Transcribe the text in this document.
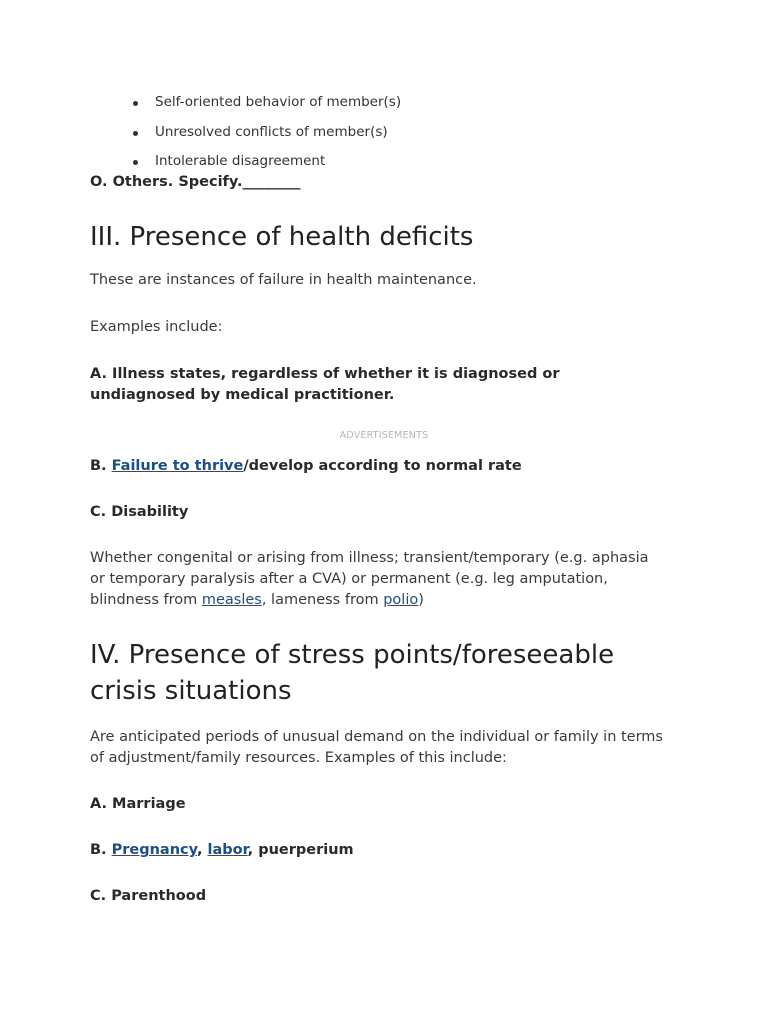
Self-oriented behavior of member(s)
Unresolved conflicts of member(s)
Intolerable disagreement

O. Others. Specify.________

III. Presence of health deficits

These are instances of failure in health maintenance.

Examples include:

A. Illness states, regardless of whether it is diagnosed or undiagnosed by medical practitioner.

ADVERTISEMENTS

B. Failure to thrive/develop according to normal rate

C. Disability

Whether congenital or arising from illness; transient/temporary (e.g. aphasia or temporary paralysis after a CVA) or permanent (e.g. leg amputation, blindness from measles, lameness from polio)

IV. Presence of stress points/foreseeable crisis situations

Are anticipated periods of unusual demand on the individual or family in terms of adjustment/family resources. Examples of this include:

A. Marriage

B. Pregnancy, labor, puerperium

C. Parenthood
